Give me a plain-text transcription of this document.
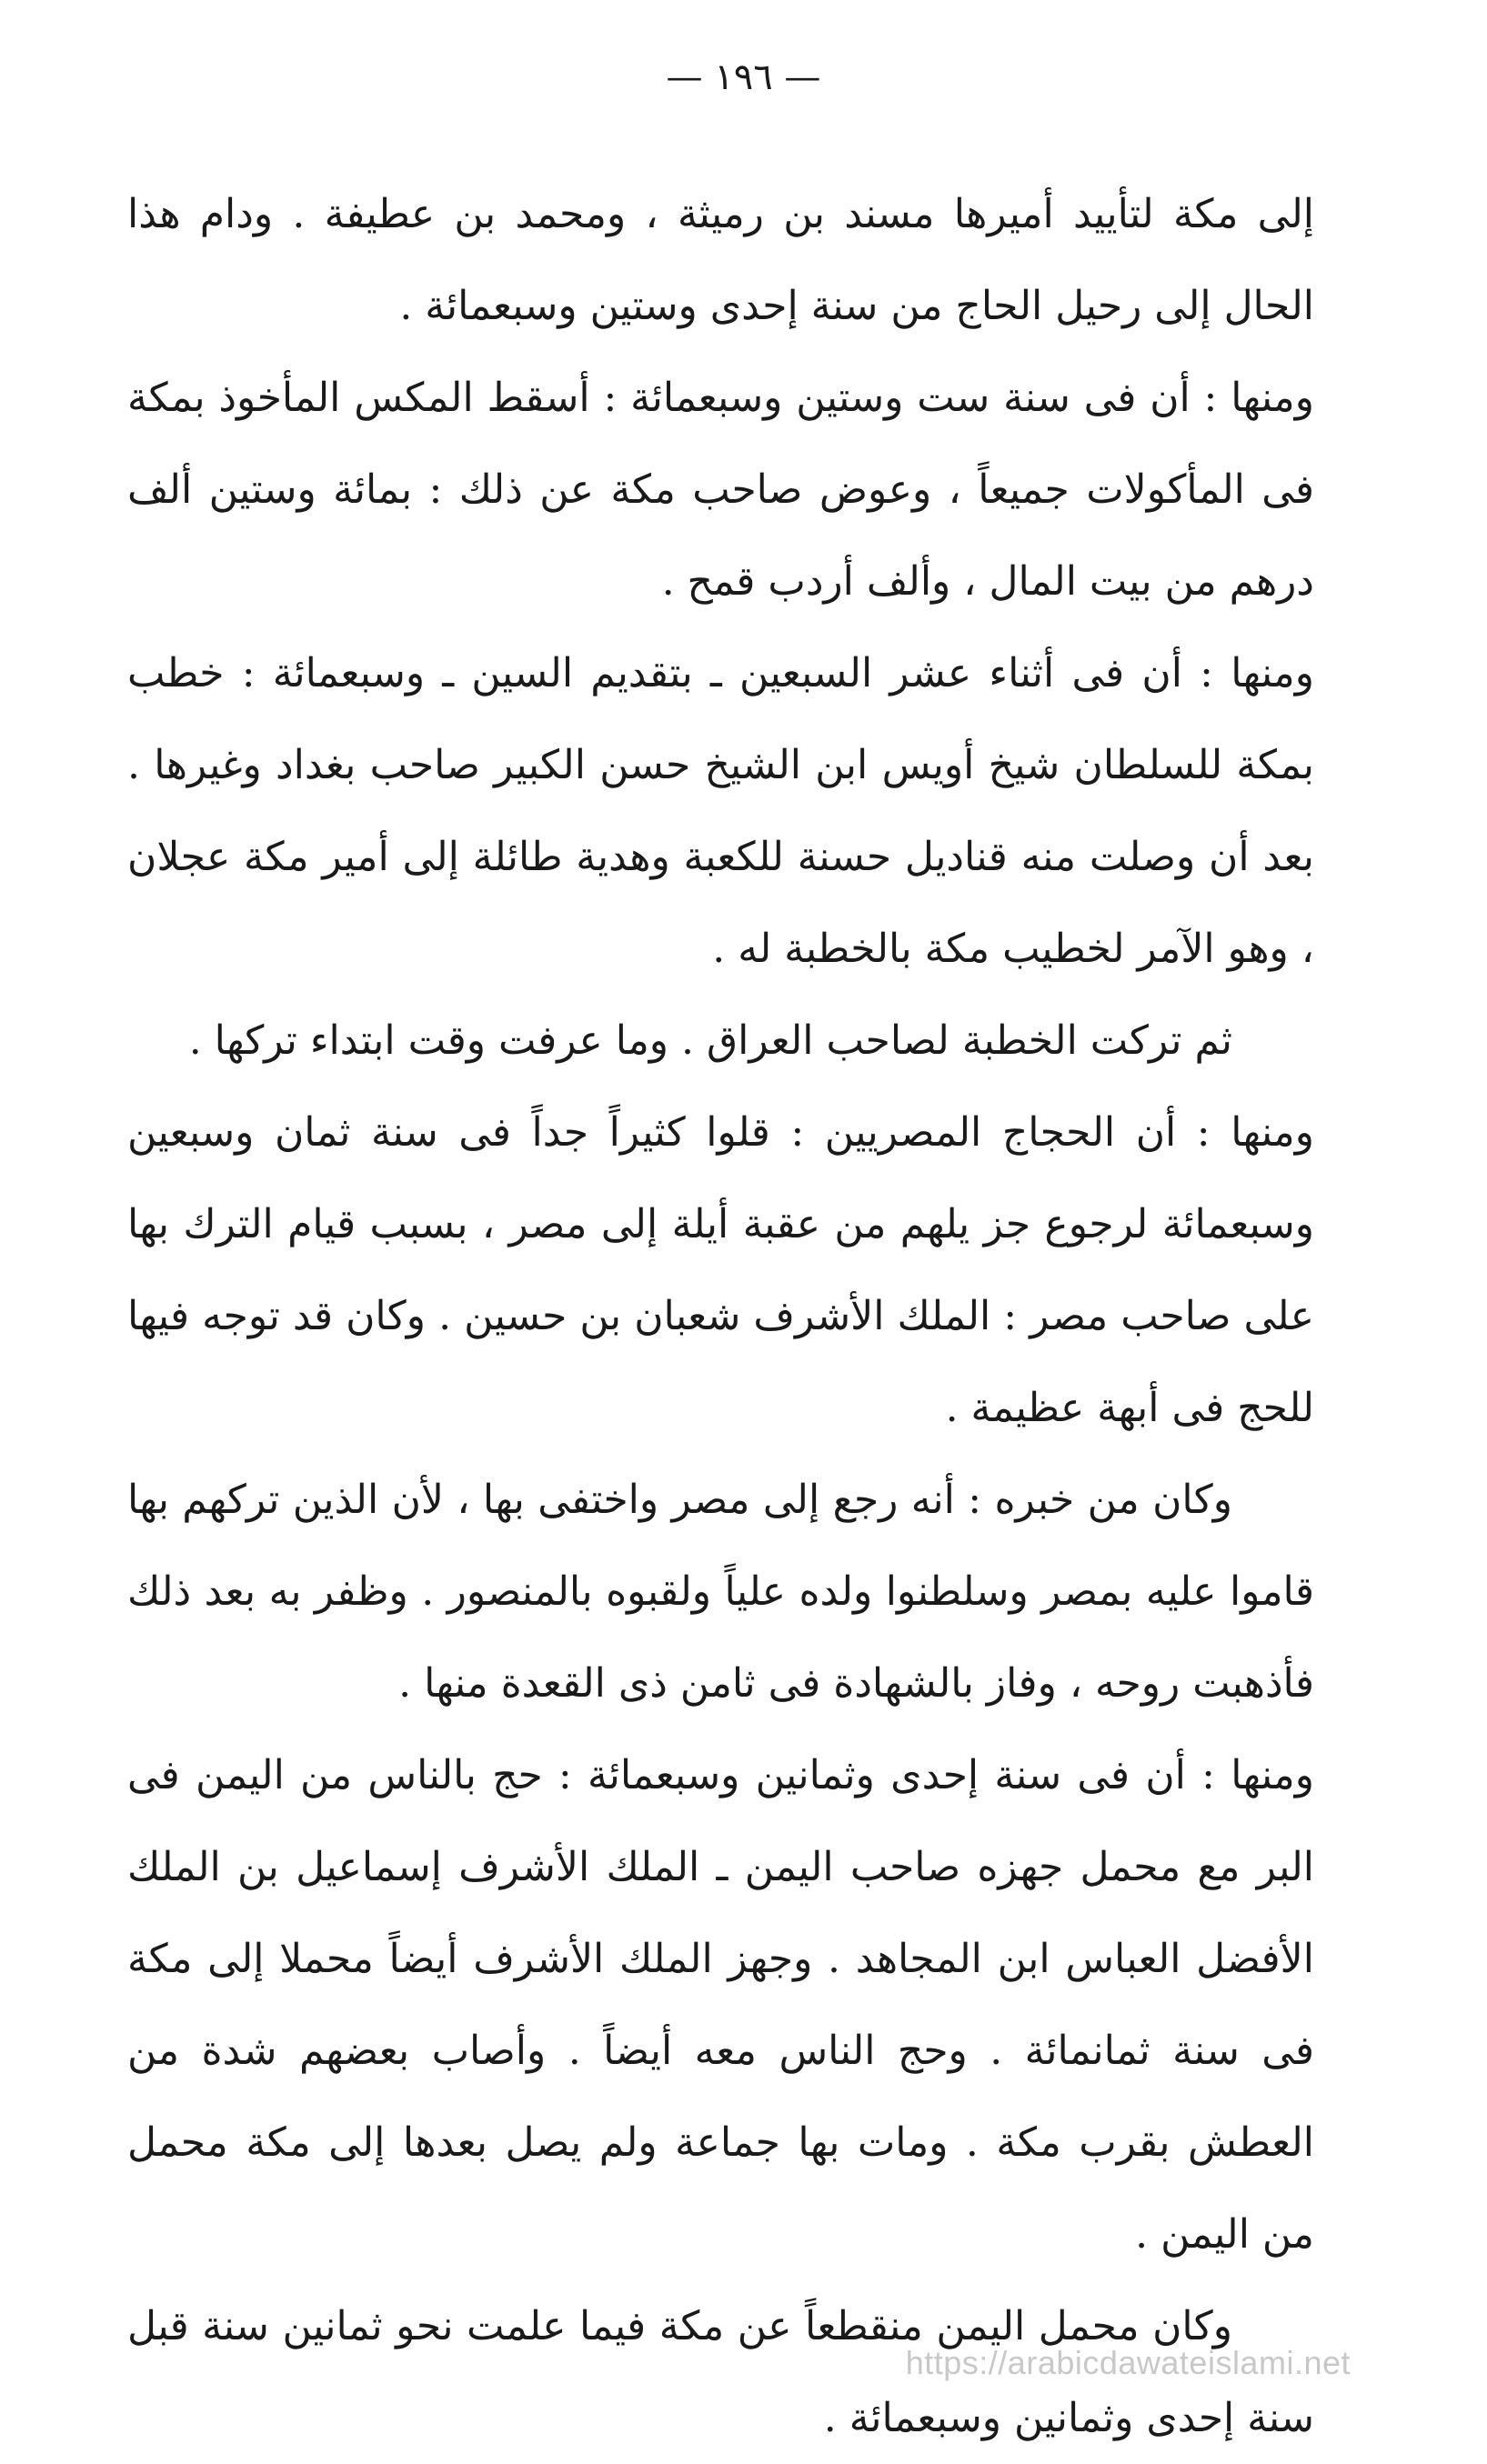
— ١٩٦ —

إلى مكة لتأييد أميرها مسند بن رميثة ، ومحمد بن عطيفة . ودام هذا الحال إلى رحيل الحاج من سنة إحدى وستين وسبعمائة .

ومنها : أن فى سنة ست وستين وسبعمائة : أسقط المكس المأخوذ بمكة فى المأكولات جميعاً ، وعوض صاحب مكة عن ذلك : بمائة وستين ألف درهم من بيت المال ، وألف أردب قمح .

ومنها : أن فى أثناء عشر السبعين ـ بتقديم السين ـ وسبعمائة : خطب بمكة للسلطان شيخ أويس ابن الشيخ حسن الكبير صاحب بغداد وغيرها . بعد أن وصلت منه قناديل حسنة للكعبة وهدية طائلة إلى أمير مكة عجلان ، وهو الآمر لخطيب مكة بالخطبة له .

ثم تركت الخطبة لصاحب العراق . وما عرفت وقت ابتداء تركها .

ومنها : أن الحجاج المصريين : قلوا كثيراً جداً فى سنة ثمان وسبعين وسبعمائة لرجوع جز يلهم من عقبة أيلة إلى مصر ، بسبب قيام الترك بها على صاحب مصر : الملك الأشرف شعبان بن حسين . وكان قد توجه فيها للحج فى أبهة عظيمة .

وكان من خبره : أنه رجع إلى مصر واختفى بها ، لأن الذين تركهم بها قاموا عليه بمصر وسلطنوا ولده علياً ولقبوه بالمنصور . وظفر به بعد ذلك فأذهبت روحه ، وفاز بالشهادة فى ثامن ذى القعدة منها .

ومنها : أن فى سنة إحدى وثمانين وسبعمائة : حج بالناس من اليمن فى البر مع محمل جهزه صاحب اليمن ـ الملك الأشرف إسماعيل بن الملك الأفضل العباس ابن المجاهد . وجهز الملك الأشرف أيضاً محملا إلى مكة فى سنة ثمانمائة . وحج الناس معه أيضاً . وأصاب بعضهم شدة من العطش بقرب مكة . ومات بها جماعة ولم يصل بعدها إلى مكة محمل من اليمن .

وكان محمل اليمن منقطعاً عن مكة فيما علمت نحو ثمانين سنة قبل سنة إحدى وثمانين وسبعمائة .

https://arabicdawateislami.net
